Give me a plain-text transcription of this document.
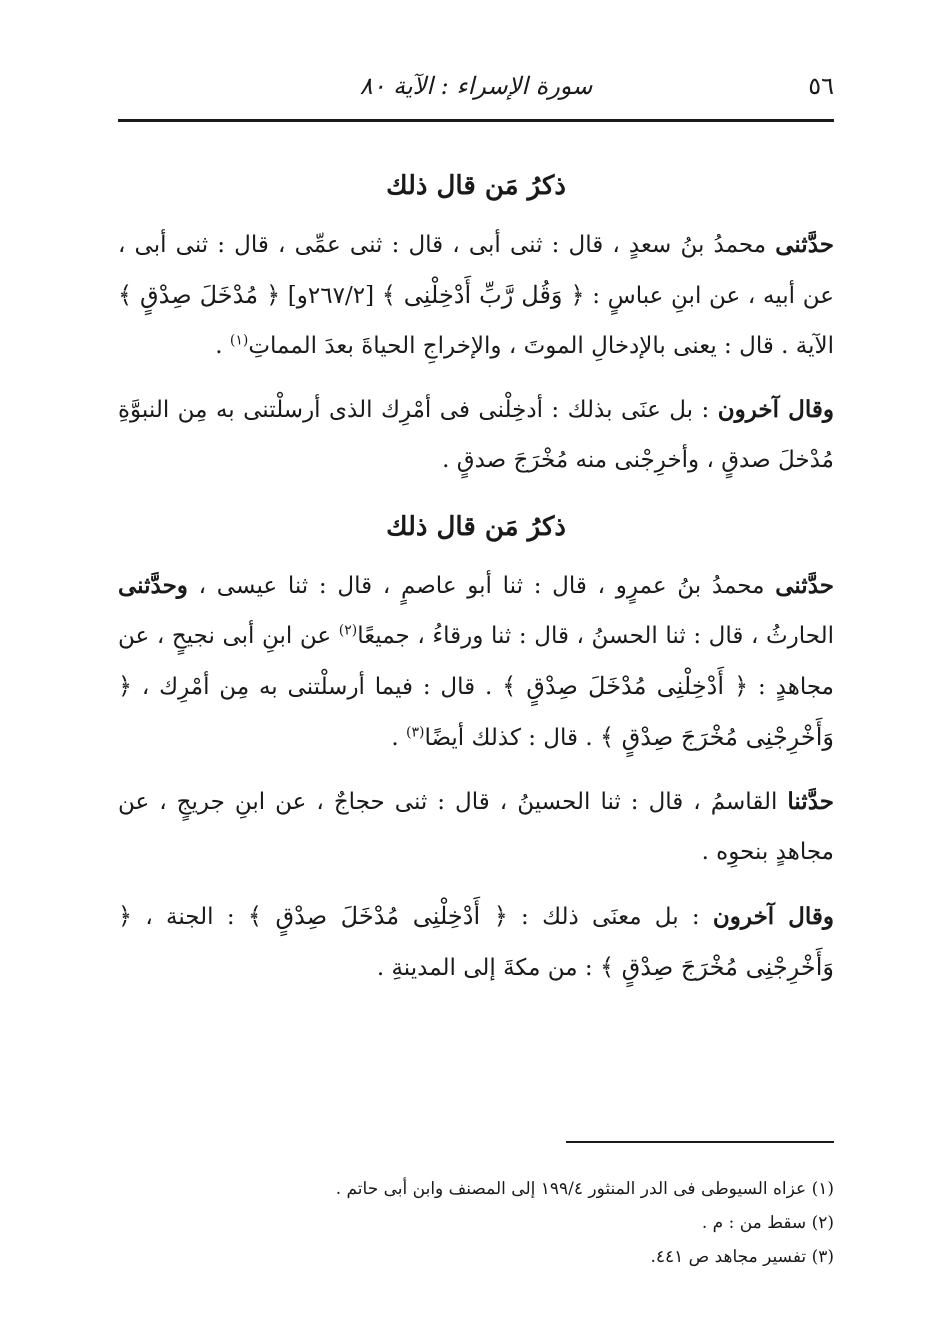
٥٦
سورة الإسراء : الآية ٨٠
ذكرُ مَن قال ذلك

حدَّثنى محمدُ بنُ سعدٍ ، قال : ثنى أبى ، قال : ثنى عمِّى ، قال : ثنى أبى ، عن أبيه ، عن ابنِ عباسٍ : ﴿ وَقُل رَّبِّ أَدْخِلْنِى ﴾ [٢٦٧/٢و] ﴿ مُدْخَلَ صِدْقٍ ﴾ الآية . قال : يعنى بالإدخالِ الموتَ ، والإخراجِ الحياةَ بعدَ المماتِ$^{(١)}$ .

وقال آخرون : بل عنَى بذلك : أدخِلْنى فى أمْرِك الذى أرسلْتنى به مِن النبوَّةِ مُدْخلَ صدقٍ ، وأخرِجْنى منه مُخْرَجَ صدقٍ .

ذكرُ مَن قال ذلك

حدَّثنى محمدُ بنُ عمرٍو ، قال : ثنا أبو عاصمٍ ، قال : ثنا عيسى ، وحدَّثنى الحارثُ ، قال : ثنا الحسنُ ، قال : ثنا ورقاءُ ، جميعًا$^{(٢)}$ عن ابنِ أبى نجيحٍ ، عن مجاهدٍ : ﴿ أَدْخِلْنِى مُدْخَلَ صِدْقٍ ﴾ . قال : فيما أرسلْتنى به مِن أمْرِك ، ﴿ وَأَخْرِجْنِى مُخْرَجَ صِدْقٍ ﴾ . قال : كذلك أيضًا$^{(٣)}$ .

حدَّثنا القاسمُ ، قال : ثنا الحسينُ ، قال : ثنى حجاجٌ ، عن ابنِ جريجٍ ، عن مجاهدٍ بنحوِه .

وقال آخرون : بل معنَى ذلك : ﴿ أَدْخِلْنِى مُدْخَلَ صِدْقٍ ﴾ : الجنة ، ﴿ وَأَخْرِجْنِى مُخْرَجَ صِدْقٍ ﴾ : من مكةَ إلى المدينةِ .

(١) عزاه السيوطى فى الدر المنثور ١٩٩/٤ إلى المصنف وابن أبى حاتم .
(٢) سقط من : م .
(٣) تفسير مجاهد ص ٤٤١.
